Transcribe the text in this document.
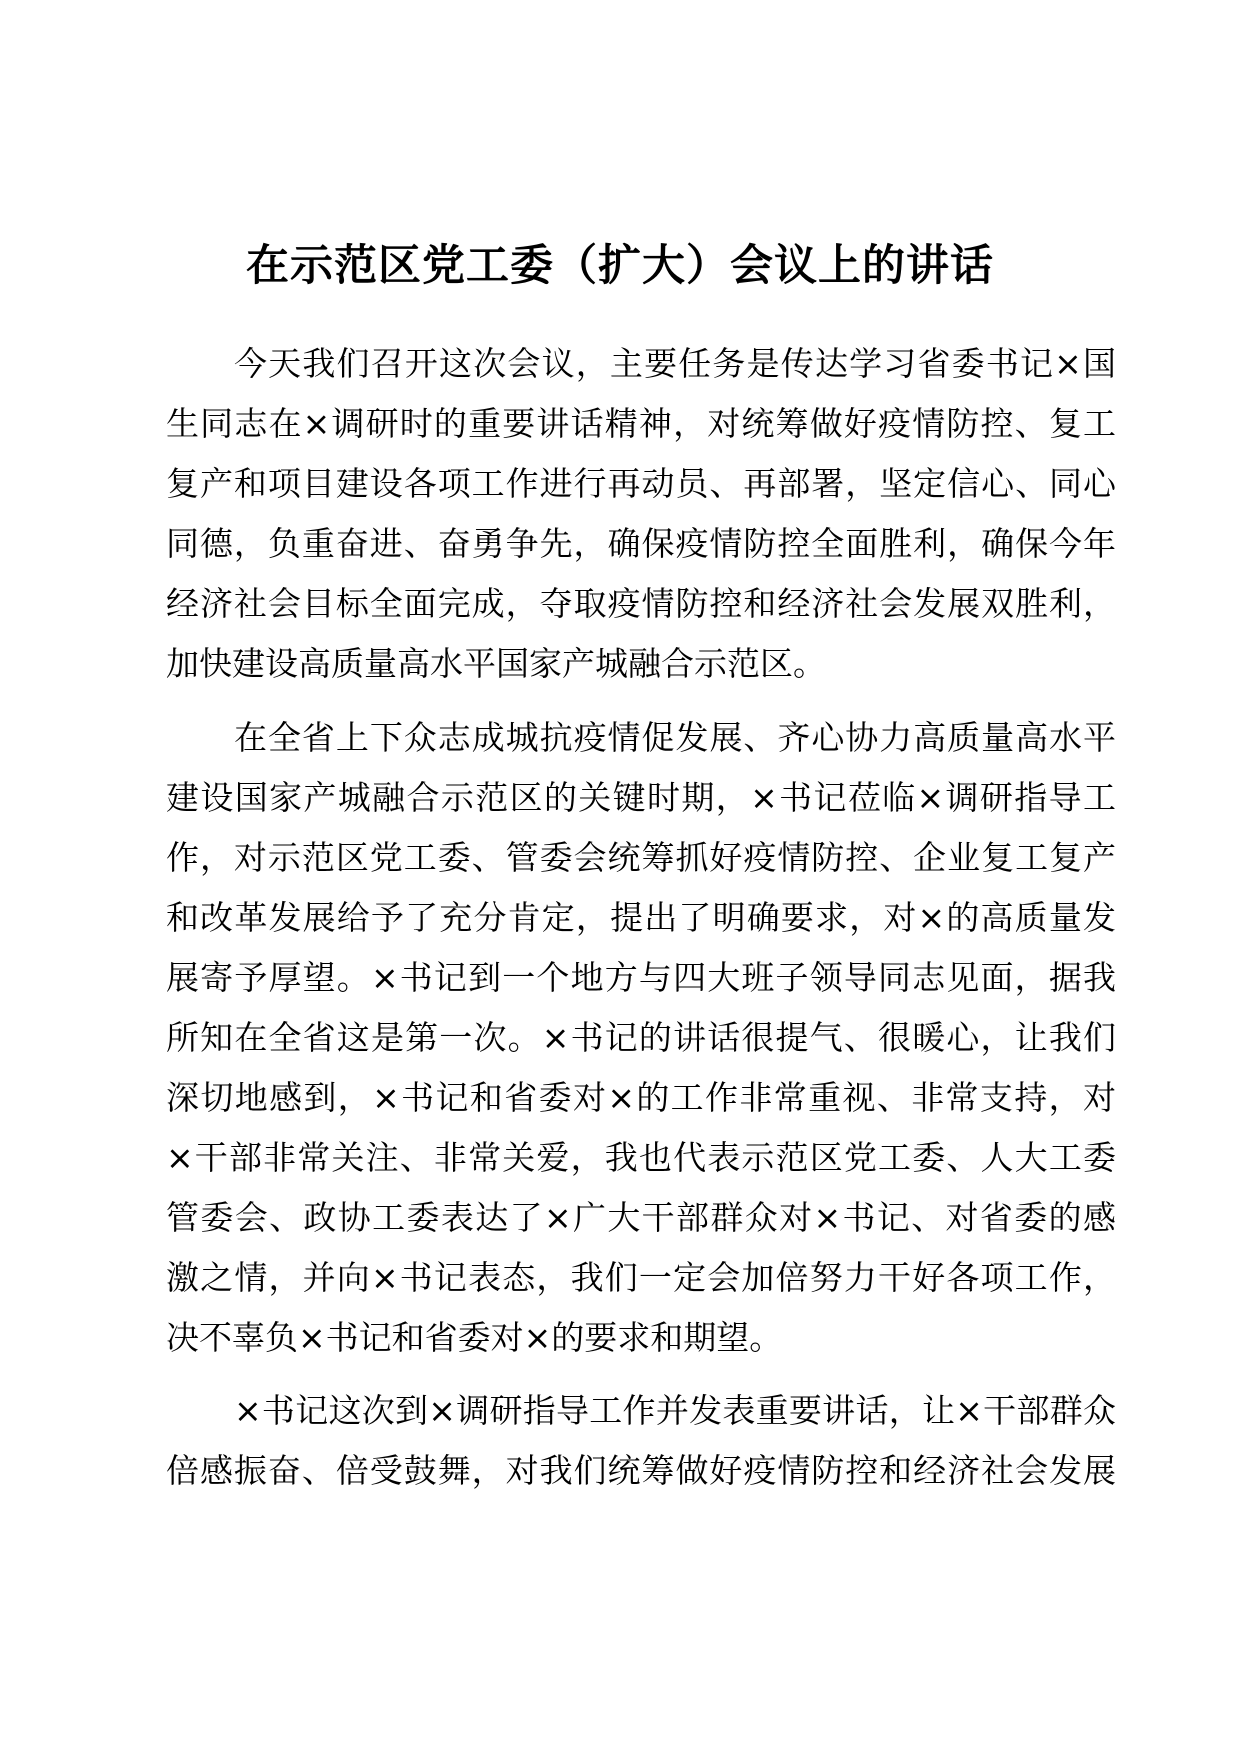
在示范区党工委（扩大）会议上的讲话

今天我们召开这次会议，主要任务是传达学习省委书记×国
生同志在×调研时的重要讲话精神，对统筹做好疫情防控、复工
复产和项目建设各项工作进行再动员、再部署，坚定信心、同心
同德，负重奋进、奋勇争先，确保疫情防控全面胜利，确保今年
经济社会目标全面完成，夺取疫情防控和经济社会发展双胜利，
加快建设高质量高水平国家产城融合示范区。

在全省上下众志成城抗疫情促发展、齐心协力高质量高水平
建设国家产城融合示范区的关键时期，×书记莅临×调研指导工
作，对示范区党工委、管委会统筹抓好疫情防控、企业复工复产
和改革发展给予了充分肯定，提出了明确要求，对×的高质量发
展寄予厚望。×书记到一个地方与四大班子领导同志见面，据我
所知在全省这是第一次。×书记的讲话很提气、很暖心，让我们
深切地感到，×书记和省委对×的工作非常重视、非常支持，对
×干部非常关注、非常关爱，我也代表示范区党工委、人大工委
管委会、政协工委表达了×广大干部群众对×书记、对省委的感
激之情，并向×书记表态，我们一定会加倍努力干好各项工作，
决不辜负×书记和省委对×的要求和期望。

×书记这次到×调研指导工作并发表重要讲话，让×干部群众
倍感振奋、倍受鼓舞，对我们统筹做好疫情防控和经济社会发展
